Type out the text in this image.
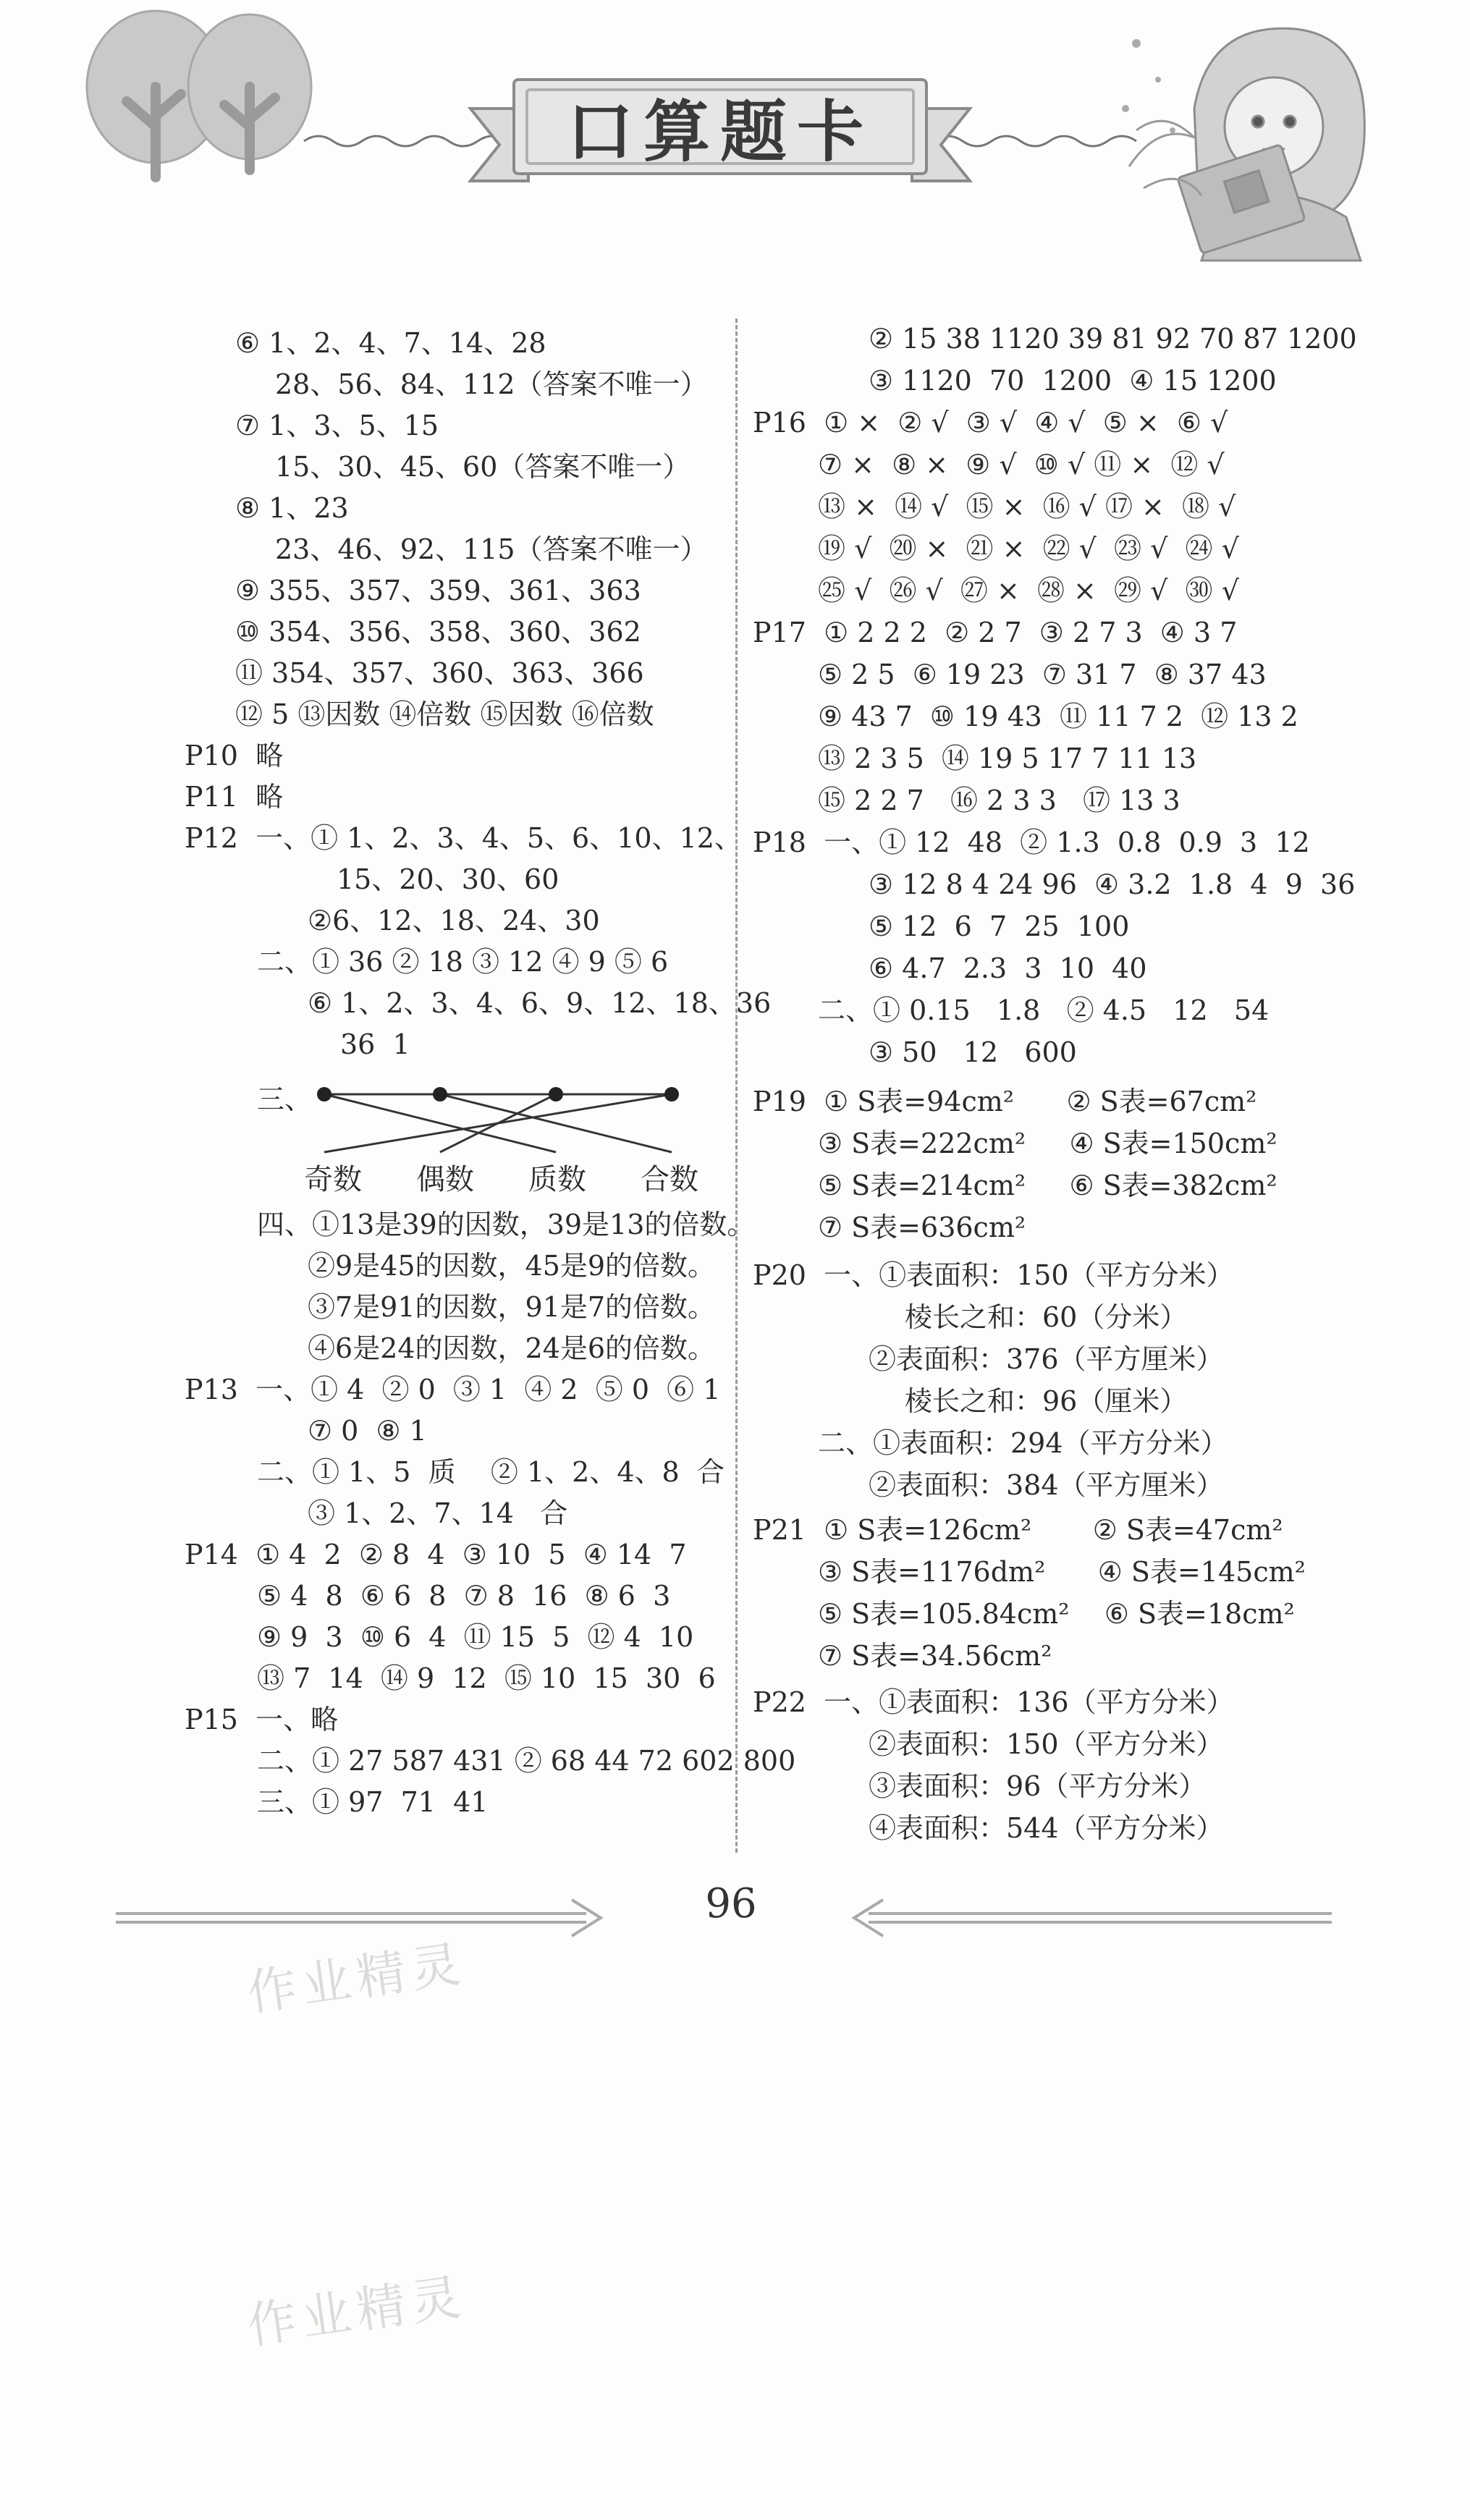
口算题卡
⑥ 1、2、4、7、14、28
28、56、84、112（答案不唯一）
⑦ 1、3、5、15
15、30、45、60（答案不唯一）
⑧ 1、23
23、46、92、115（答案不唯一）
⑨ 355、357、359、361、363
⑩ 354、356、358、360、362
⑪ 354、357、360、363、366
⑫ 5 ⑬因数 ⑭倍数 ⑮因数 ⑯倍数
P10  略
P11  略
P12  一、① 1、2、3、4、5、6、10、12、
15、20、30、60
②6、12、18、24、30
二、① 36 ② 18 ③ 12 ④ 9 ⑤ 6
⑥ 1、2、3、4、6、9、12、18、36
36  1
三、
奇数 偶数 质数 合数
四、①13是39的因数，39是13的倍数。
②9是45的因数，45是9的倍数。
③7是91的因数，91是7的倍数。
④6是24的因数，24是6的倍数。
P13  一、① 4  ② 0  ③ 1  ④ 2  ⑤ 0  ⑥ 1
⑦ 0  ⑧ 1
二、① 1、5  质    ② 1、2、4、8  合
③ 1、2、7、14   合
P14  ① 4  2  ② 8  4  ③ 10  5  ④ 14  7
⑤ 4  8  ⑥ 6  8  ⑦ 8  16  ⑧ 6  3
⑨ 9  3  ⑩ 6  4  ⑪ 15  5  ⑫ 4  10
⑬ 7  14  ⑭ 9  12  ⑮ 10  15  30  6
P15  一、略
二、① 27 587 431 ② 68 44 72 602 800
三、① 97  71  41
② 15 38 1120 39 81 92 70 87 1200
③ 1120  70  1200  ④ 15 1200
P16  ① ×  ② √  ③ √  ④ √  ⑤ ×  ⑥ √
⑦ ×  ⑧ ×  ⑨ √  ⑩ √ ⑪ ×  ⑫ √
⑬ ×  ⑭ √  ⑮ ×  ⑯ √ ⑰ ×  ⑱ √
⑲ √  ⑳ ×  ㉑ ×  ㉒ √  ㉓ √  ㉔ √
㉕ √  ㉖ √  ㉗ ×  ㉘ ×  ㉙ √  ㉚ √
P17  ① 2 2 2  ② 2 7  ③ 2 7 3  ④ 3 7
⑤ 2 5  ⑥ 19 23  ⑦ 31 7  ⑧ 37 43
⑨ 43 7  ⑩ 19 43  ⑪ 11 7 2  ⑫ 13 2
⑬ 2 3 5  ⑭ 19 5 17 7 11 13
⑮ 2 2 7   ⑯ 2 3 3   ⑰ 13 3
P18  一、① 12  48  ② 1.3  0.8  0.9  3  12
③ 12 8 4 24 96  ④ 3.2  1.8  4  9  36
⑤ 12  6  7  25  100
⑥ 4.7  2.3  3  10  40
二、① 0.15   1.8   ② 4.5   12   54
③ 50   12   600
P19  ① S表=94cm²      ② S表=67cm²
③ S表=222cm²     ④ S表=150cm²
⑤ S表=214cm²     ⑥ S表=382cm²
⑦ S表=636cm²
P20  一、①表面积：150（平方分米）
棱长之和：60（分米）
②表面积：376（平方厘米）
棱长之和：96（厘米）
二、①表面积：294（平方分米）
②表面积：384（平方厘米）
P21  ① S表=126cm²       ② S表=47cm²
③ S表=1176dm²      ④ S表=145cm²
⑤ S表=105.84cm²    ⑥ S表=18cm²
⑦ S表=34.56cm²
P22  一、①表面积：136（平方分米）
②表面积：150（平方分米）
③表面积：96（平方分米）
④表面积：544（平方分米）
96
作业精灵
作业精灵
